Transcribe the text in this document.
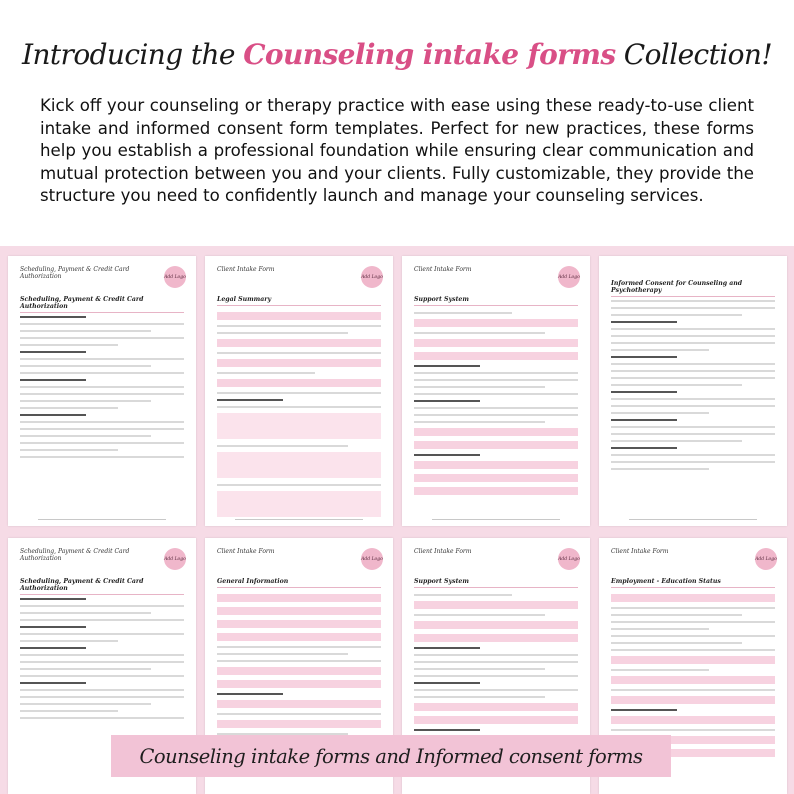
Introducing the Counseling intake forms Collection!

Kick off your counseling or therapy practice with ease using these ready-to-use client intake and informed consent form templates. Perfect for new practices, these forms help you establish a professional foundation while ensuring clear communication and mutual protection between you and your clients. Fully customizable, they provide the structure you need to confidently launch and manage your counseling services.

Scheduling, Payment & Credit Card Authorization	Add Logo
Scheduling, Payment & Credit Card Authorization
Client Intake Form
Add Logo
Legal Summary
Client Intake Form
Add Logo
Support System
Informed Consent for Counseling and Psychotherapy
Scheduling, Payment & Credit Card Authorization	Add Logo
Scheduling, Payment & Credit Card Authorization
Client Intake Form
Add Logo
General Information
Client Intake Form
Add Logo
Support System
Client Intake Form
Add Logo
Employment - Education Status
Counseling intake forms and Informed consent forms
